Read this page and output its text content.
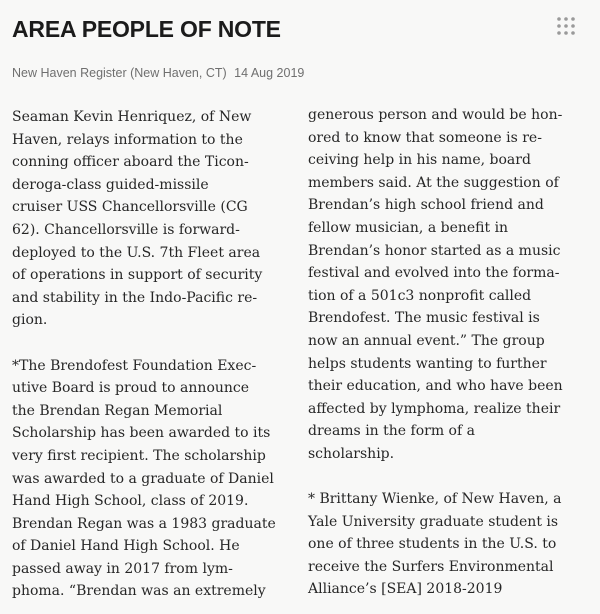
AREA PEOPLE OF NOTE
New Haven Register (New Haven, CT) 14 Aug 2019
Seaman Kevin Henriquez, of New
Haven, relays information to the
conning officer aboard the Ticon-
deroga-class guided-missile
cruiser USS Chancellorsville (CG
62). Chancellorsville is forward-
deployed to the U.S. 7th Fleet area
of operations in support of security
and stability in the Indo-Pacific re-
gion.
*The Brendofest Foundation Exec-
utive Board is proud to announce
the Brendan Regan Memorial
Scholarship has been awarded to its
very first recipient. The scholarship
was awarded to a graduate of Daniel
Hand High School, class of 2019.
Brendan Regan was a 1983 graduate
of Daniel Hand High School. He
passed away in 2017 from lym-
phoma. “Brendan was an extremely
generous person and would be hon-
ored to know that someone is re-
ceiving help in his name, board
members said. At the suggestion of
Brendan’s high school friend and
fellow musician, a benefit in
Brendan’s honor started as a music
festival and evolved into the forma-
tion of a 501c3 nonprofit called
Brendofest. The music festival is
now an annual event.” The group
helps students wanting to further
their education, and who have been
affected by lymphoma, realize their
dreams in the form of a
scholarship.
* Brittany Wienke, of New Haven, a
Yale University graduate student is
one of three students in the U.S. to
receive the Surfers Environmental
Alliance’s [SEA] 2018-2019
